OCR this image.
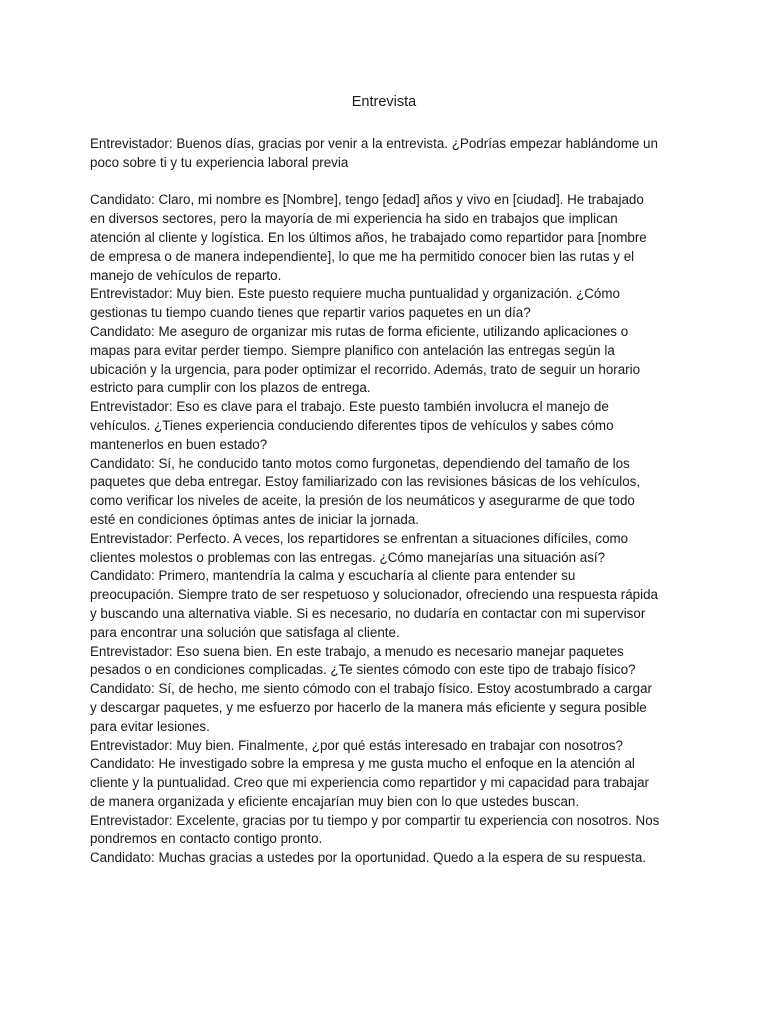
Entrevista

Entrevistador: Buenos días, gracias por venir a la entrevista. ¿Podrías empezar hablándome un
poco sobre ti y tu experiencia laboral previa

Candidato: Claro, mi nombre es [Nombre], tengo [edad] años y vivo en [ciudad]. He trabajado
en diversos sectores, pero la mayoría de mi experiencia ha sido en trabajos que implican
atención al cliente y logística. En los últimos años, he trabajado como repartidor para [nombre
de empresa o de manera independiente], lo que me ha permitido conocer bien las rutas y el
manejo de vehículos de reparto.

Entrevistador: Muy bien. Este puesto requiere mucha puntualidad y organización. ¿Cómo
gestionas tu tiempo cuando tienes que repartir varios paquetes en un día?

Candidato: Me aseguro de organizar mis rutas de forma eficiente, utilizando aplicaciones o
mapas para evitar perder tiempo. Siempre planifico con antelación las entregas según la
ubicación y la urgencia, para poder optimizar el recorrido. Además, trato de seguir un horario
estricto para cumplir con los plazos de entrega.

Entrevistador: Eso es clave para el trabajo. Este puesto también involucra el manejo de
vehículos. ¿Tienes experiencia conduciendo diferentes tipos de vehículos y sabes cómo
mantenerlos en buen estado?

Candidato: Sí, he conducido tanto motos como furgonetas, dependiendo del tamaño de los
paquetes que deba entregar. Estoy familiarizado con las revisiones básicas de los vehículos,
como verificar los niveles de aceite, la presión de los neumáticos y asegurarme de que todo
esté en condiciones óptimas antes de iniciar la jornada.

Entrevistador: Perfecto. A veces, los repartidores se enfrentan a situaciones difíciles, como
clientes molestos o problemas con las entregas. ¿Cómo manejarías una situación así?

Candidato: Primero, mantendría la calma y escucharía al cliente para entender su
preocupación. Siempre trato de ser respetuoso y solucionador, ofreciendo una respuesta rápida
y buscando una alternativa viable. Si es necesario, no dudaría en contactar con mi supervisor
para encontrar una solución que satisfaga al cliente.

Entrevistador: Eso suena bien. En este trabajo, a menudo es necesario manejar paquetes
pesados o en condiciones complicadas. ¿Te sientes cómodo con este tipo de trabajo físico?

Candidato: Sí, de hecho, me siento cómodo con el trabajo físico. Estoy acostumbrado a cargar
y descargar paquetes, y me esfuerzo por hacerlo de la manera más eficiente y segura posible
para evitar lesiones.

Entrevistador: Muy bien. Finalmente, ¿por qué estás interesado en trabajar con nosotros?

Candidato: He investigado sobre la empresa y me gusta mucho el enfoque en la atención al
cliente y la puntualidad. Creo que mi experiencia como repartidor y mi capacidad para trabajar
de manera organizada y eficiente encajarían muy bien con lo que ustedes buscan.

Entrevistador: Excelente, gracias por tu tiempo y por compartir tu experiencia con nosotros. Nos
pondremos en contacto contigo pronto.

Candidato: Muchas gracias a ustedes por la oportunidad. Quedo a la espera de su respuesta.
